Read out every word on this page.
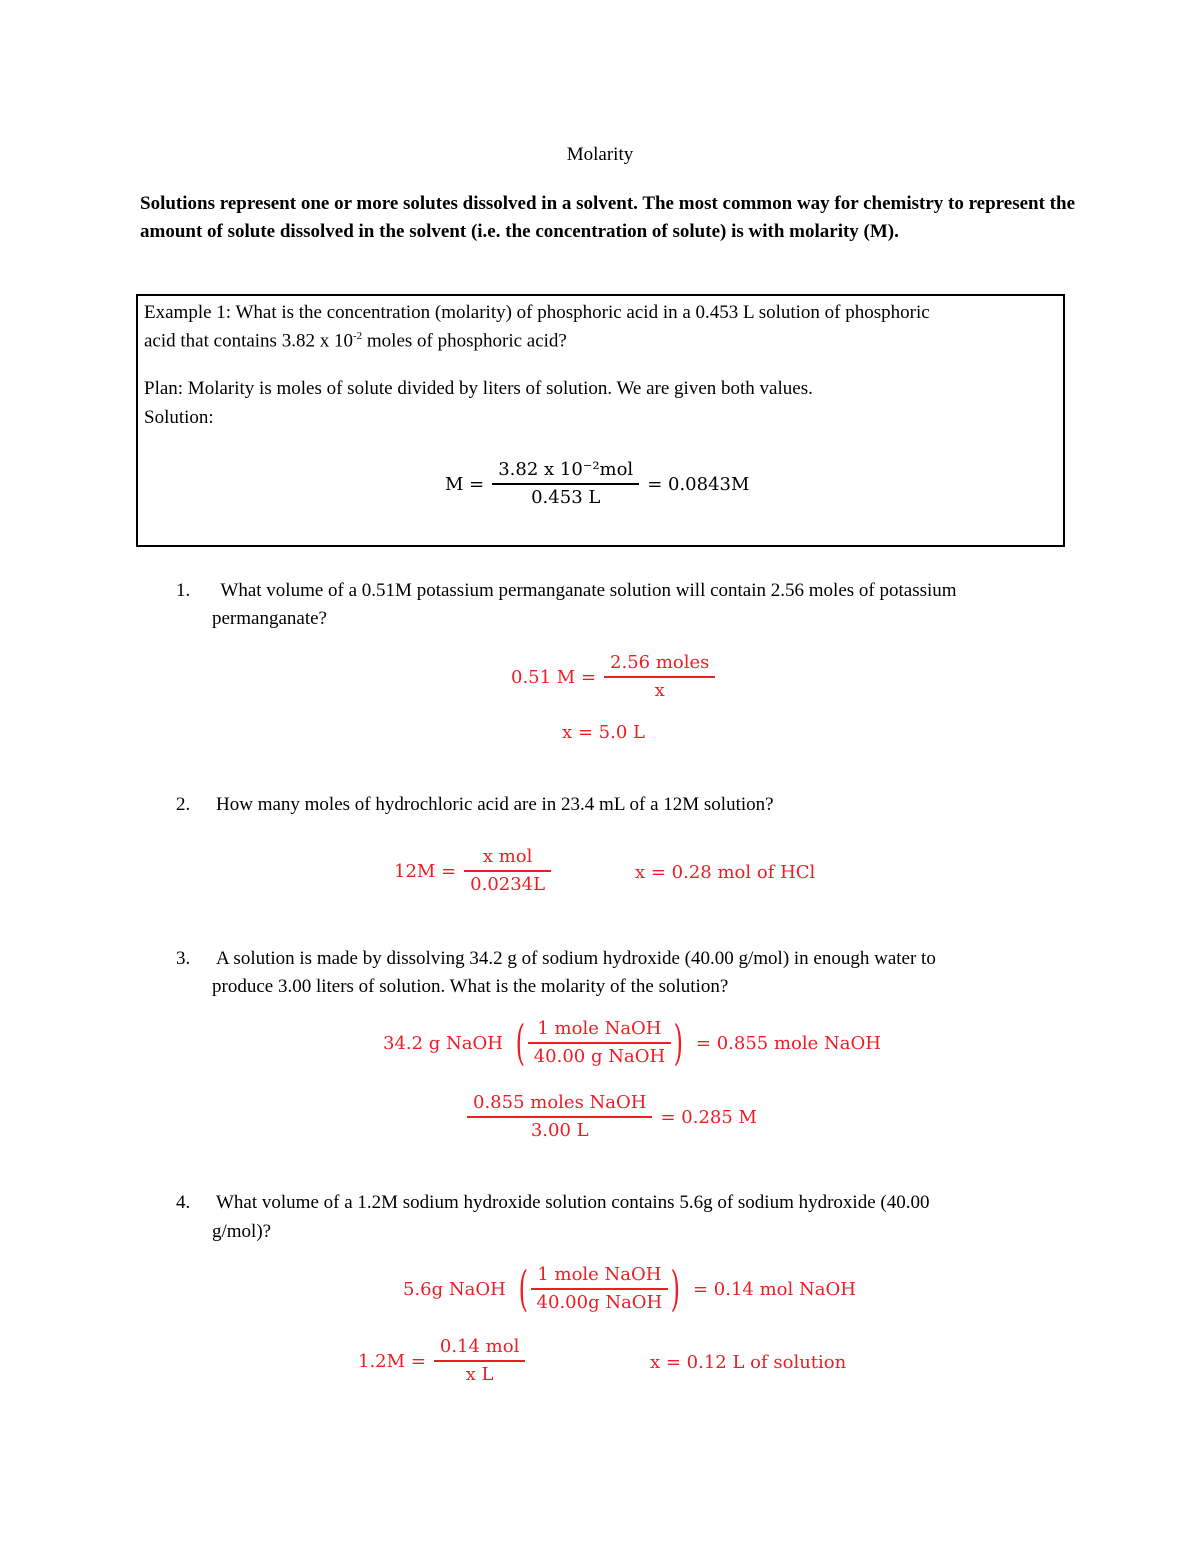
Molarity
Solutions represent one or more solutes dissolved in a solvent. The most common way for chemistry to represent the amount of solute dissolved in the solvent (i.e. the concentration of solute) is with molarity (M).
Example 1: What is the concentration (molarity) of phosphoric acid in a 0.453 L solution of phosphoric
acid that contains 3.82 x $10^{-2}$ moles of phosphoric acid?
Plan: Molarity is moles of solute divided by liters of solution. We are given both values.
Solution:
$M = \frac{\text{3.82 x 10⁻²mol}}{0.453 L} = 0.0843M$
1. What volume of a 0.51M potassium permanganate solution will contain 2.56 moles of potassium
permanganate?
0.51 $M = \frac{\text{2.56 moles}}{x}$
x = 5.0 L
2. How many moles of hydrochloric acid are in 23.4 mL of a 12M solution?
$12M = \frac{\text{x mol}}{0.0234L}$	x = 0.28 mol of HCl
3. A solution is made by dissolving 34.2 g of sodium hydroxide (40.00 g/mol) in enough water to
produce 3.00 liters of solution. What is the molarity of the solution?
34.2 g NaOH ( $\frac{\text{1 mole NaOH}}{\text{40.00 g NaOH}}$ ) = 0.855 mole NaOH
$\frac{\text{0.855 moles NaOH}}{3.00 L} = 0.285$ M
4. What volume of a 1.2M sodium hydroxide solution contains 5.6g of sodium hydroxide (40.00
g/mol)?
5.6g NaOH ( $\frac{\text{1 mole NaOH}}{\text{40.00g NaOH}}$ ) = 0.14 mol NaOH
$1.2M = \frac{\text{0.14 mol}}{\text{x L}}$	x = 0.12 L of solution
